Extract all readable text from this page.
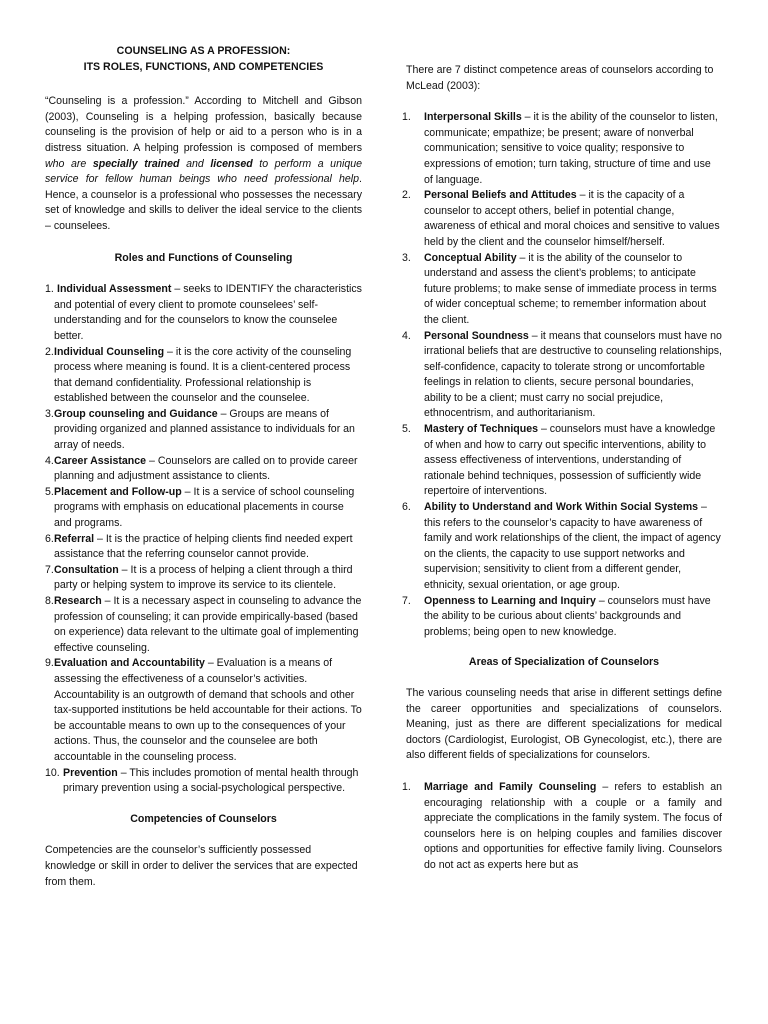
COUNSELING AS A PROFESSION:
ITS ROLES, FUNCTIONS, AND COMPETENCIES

“Counseling is a profession.” According to Mitchell and Gibson (2003), Counseling is a helping profession, basically because counseling is the provision of help or aid to a person who is in a distress situation. A helping profession is composed of members who are specially trained and licensed to perform a unique service for fellow human beings who need professional help. Hence, a counselor is a professional who possesses the necessary set of knowledge and skills to deliver the ideal service to the clients – counselees.

Roles and Functions of Counseling
1. Individual Assessment – seeks to IDENTIFY the characteristics and potential of every client to promote counselees’ self-understanding and for the counselors to know the counselee better.
2. Individual Counseling – it is the core activity of the counseling process where meaning is found. It is a client-centered process that demand confidentiality. Professional relationship is established between the counselor and the counselee.
3. Group counseling and Guidance – Groups are means of providing organized and planned assistance to individuals for an array of needs.
4. Career Assistance – Counselors are called on to provide career planning and adjustment assistance to clients.
5. Placement and Follow-up – It is a service of school counseling programs with emphasis on educational placements in course and programs.
6. Referral – It is the practice of helping clients find needed expert assistance that the referring counselor cannot provide.
7. Consultation – It is a process of helping a client through a third party or helping system to improve its service to its clientele.
8. Research – It is a necessary aspect in counseling to advance the profession of counseling; it can provide empirically-based (based on experience) data relevant to the ultimate goal of implementing effective counseling.
9. Evaluation and Accountability – Evaluation is a means of assessing the effectiveness of a counselor’s activities. Accountability is an outgrowth of demand that schools and other tax-supported institutions be held accountable for their actions. To be accountable means to own up to the consequences of your actions. Thus, the counselor and the counselee are both accountable in the counseling process.
10. Prevention – This includes promotion of mental health through primary prevention using a social-psychological perspective.
Competencies of Counselors

Competencies are the counselor’s sufficiently possessed knowledge or skill in order to deliver the services that are expected from them.

There are 7 distinct competence areas of counselors according to McLead (2003):

1. Interpersonal Skills – it is the ability of the counselor to listen, communicate; empathize; be present; aware of nonverbal communication; sensitive to voice quality; responsive to expressions of emotion; turn taking, structure of time and use of language.
2. Personal Beliefs and Attitudes – it is the capacity of a counselor to accept others, belief in potential change, awareness of ethical and moral choices and sensitive to values held by the client and the counselor himself/herself.
3. Conceptual Ability – it is the ability of the counselor to understand and assess the client’s problems; to anticipate future problems; to make sense of immediate process in terms of wider conceptual scheme; to remember information about the client.
4. Personal Soundness – it means that counselors must have no irrational beliefs that are destructive to counseling relationships, self-confidence, capacity to tolerate strong or uncomfortable feelings in relation to clients, secure personal boundaries, ability to be a client; must carry no social prejudice, ethnocentrism, and authoritarianism.
5. Mastery of Techniques – counselors must have a knowledge of when and how to carry out specific interventions, ability to assess effectiveness of interventions, understanding of rationale behind techniques, possession of sufficiently wide repertoire of interventions.
6. Ability to Understand and Work Within Social Systems – this refers to the counselor’s capacity to have awareness of family and work relationships of the client, the impact of agency on the clients, the capacity to use support networks and supervision; sensitivity to client from a different gender, ethnicity, sexual orientation, or age group.
7. Openness to Learning and Inquiry – counselors must have the ability to be curious about clients’ backgrounds and problems; being open to new knowledge.
Areas of Specialization of Counselors

The various counseling needs that arise in different settings define the career opportunities and specializations of counselors. Meaning, just as there are different specializations for medical doctors (Cardiologist, Eurologist, OB Gynecologist, etc.), there are also different fields of specializations for counselors.

1. Marriage and Family Counseling – refers to establish an encouraging relationship with a couple or a family and appreciate the complications in the family system. The focus of counselors here is on helping couples and families discover options and opportunities for effective family living. Counselors do not act as experts here but as
